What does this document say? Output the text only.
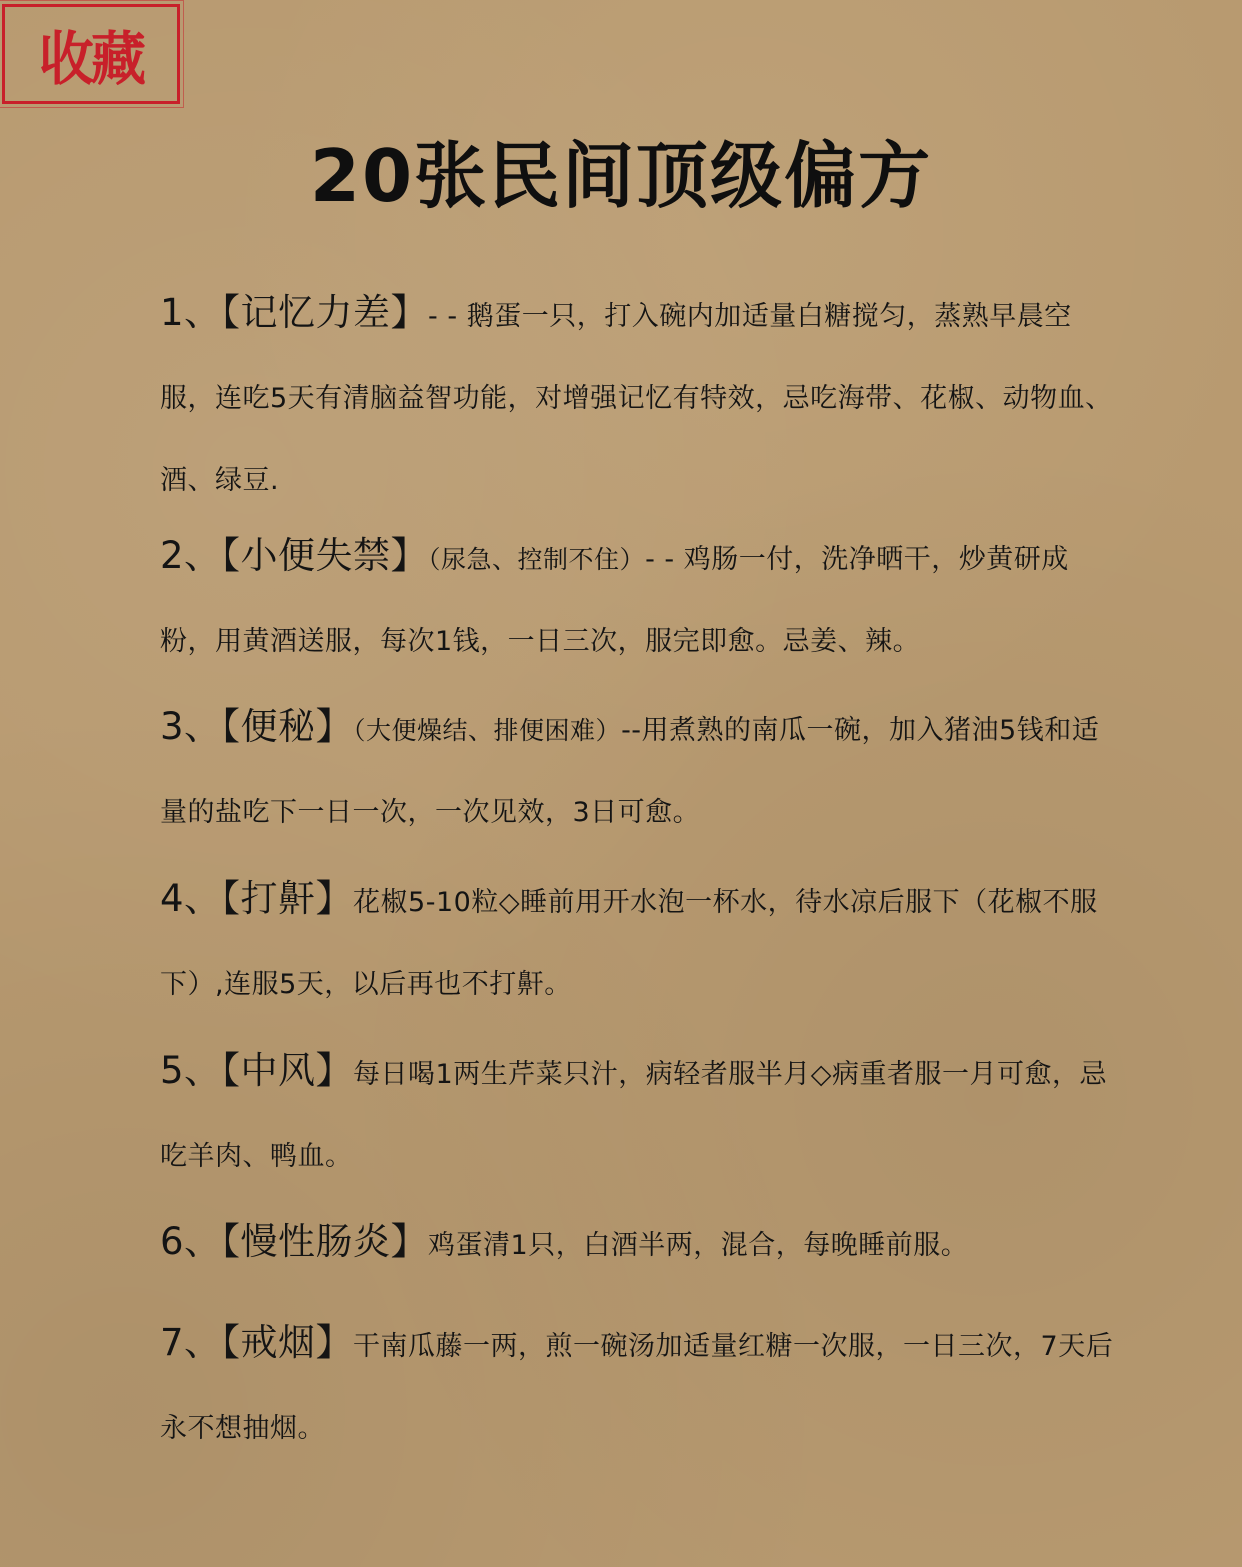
收藏
20张民间顶级偏方
1、【记忆力差】- - 鹅蛋一只，打入碗内加适量白糖搅匀，蒸熟早晨空服，连吃5天有清脑益智功能，对增强记忆有特效，忌吃海带、花椒、动物血、酒、绿豆.
2、【小便失禁】（尿急、控制不住）- - 鸡肠一付，洗净晒干，炒黄研成粉，用黄酒送服，每次1钱，一日三次，服完即愈。忌姜、辣。
3、【便秘】（大便燥结、排便困难）--用煮熟的南瓜一碗，加入猪油5钱和适量的盐吃下一日一次，一次见效，3日可愈。
4、【打鼾】花椒5-10粒◇睡前用开水泡一杯水，待水凉后服下（花椒不服下）,连服5天，以后再也不打鼾。
5、【中风】每日喝1两生芹菜只汁，病轻者服半月◇病重者服一月可愈，忌吃羊肉、鸭血。
6、【慢性肠炎】鸡蛋清1只，白酒半两，混合，每晚睡前服。
7、【戒烟】干南瓜藤一两，煎一碗汤加适量红糖一次服，一日三次，7天后永不想抽烟。
